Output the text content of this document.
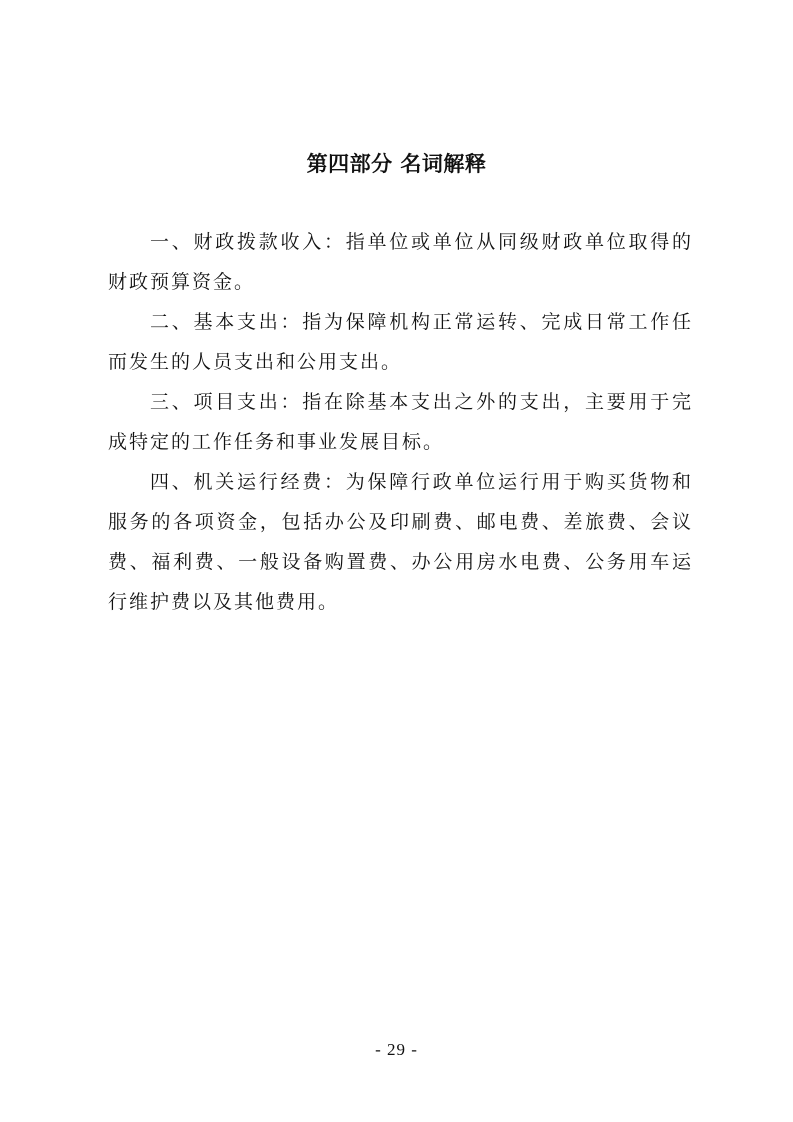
第四部分 名词解释

一、财政拨款收入：指单位或单位从同级财政单位取得的财政预算资金。

二、基本支出：指为保障机构正常运转、完成日常工作任而发生的人员支出和公用支出。

三、项目支出：指在除基本支出之外的支出，主要用于完成特定的工作任务和事业发展目标。

四、机关运行经费：为保障行政单位运行用于购买货物和服务的各项资金，包括办公及印刷费、邮电费、差旅费、会议费、福利费、一般设备购置费、办公用房水电费、公务用车运行维护费以及其他费用。

- 29 -
